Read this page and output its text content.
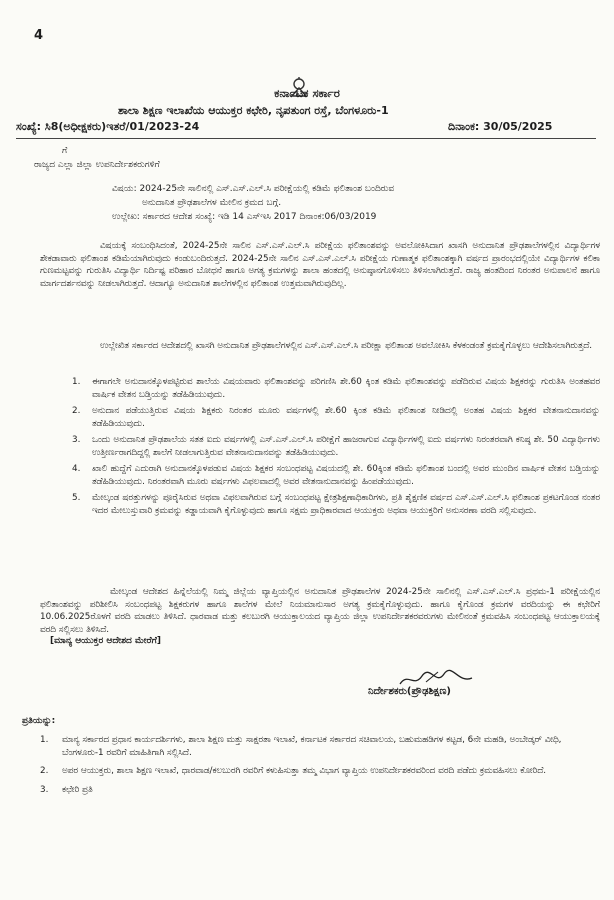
4
ಕರ್ನಾಟಕ ಸರ್ಕಾರ
ಶಾಲಾ ಶಿಕ್ಷಣ ಇಲಾಖೆಯ ಆಯುಕ್ತರ ಕಛೇರಿ, ನೃಪತುಂಗ ರಸ್ತೆ, ಬೆಂಗಳೂರು-1
ಸಂಖ್ಯೆ: ಸಿ8(ಅಧೀಕ್ಷಕರು)ಇತರೆ/01/2023-24	ದಿನಾಂಕ: 30/05/2025
ಗೆ
ರಾಜ್ಯದ ಎಲ್ಲಾ ಜಿಲ್ಲಾ ಉಪನಿರ್ದೇಶಕರುಗಳಿಗೆ
ವಿಷಯ: 2024-25ನೇ ಸಾಲಿನಲ್ಲಿ ಎಸ್.ಎಸ್.ಎಲ್.ಸಿ ಪರೀಕ್ಷೆಯಲ್ಲಿ ಕಡಿಮೆ ಫಲಿತಾಂಶ ಬಂದಿರುವ
ಅನುದಾನಿತ ಪ್ರೌಢಶಾಲೆಗಳ ಮೇಲಿನ ಕ್ರಮದ ಬಗ್ಗೆ.
ಉಲ್ಲೇಖ: ಸರ್ಕಾರದ ಆದೇಶ ಸಂಖ್ಯೆ: ಇಡಿ 14 ಎಸ್‌ಇಸಿ 2017 ದಿನಾಂಕ:06/03/2019
ವಿಷಯಕ್ಕೆ ಸಂಬಂಧಿಸಿದಂತೆ, 2024-25ನೇ ಸಾಲಿನ ಎಸ್.ಎಸ್.ಎಲ್.ಸಿ ಪರೀಕ್ಷೆಯ ಫಲಿತಾಂಶವನ್ನು ಅವಲೋಕಿಸಿದಾಗ ಖಾಸಗಿ ಅನುದಾನಿತ ಪ್ರೌಢಶಾಲೆಗಳಲ್ಲಿನ ವಿದ್ಯಾರ್ಥಿಗಳ ಶೇಕಡಾವಾರು ಫಲಿತಾಂಶ ಕಡಿಮೆಯಾಗಿರುವುದು ಕಂಡುಬಂದಿರುತ್ತದೆ. 2024-25ನೇ ಸಾಲಿನ ಎಸ್.ಎಸ್.ಎಲ್.ಸಿ ಪರೀಕ್ಷೆಯ ಗುಣಾತ್ಮಕ ಫಲಿತಾಂಶಕ್ಕಾಗಿ ವರ್ಷದ ಪ್ರಾರಂಭದಲ್ಲಿಯೇ ವಿದ್ಯಾರ್ಥಿಗಳ ಕಲಿಕಾ ಗುಣಮಟ್ಟವನ್ನು ಗುರುತಿಸಿ ವಿದ್ಯಾರ್ಥಿ ನಿರ್ದಿಷ್ಟ ಪರಿಹಾರ ಬೋಧನೆ ಹಾಗೂ ಅಗತ್ಯ ಕ್ರಮಗಳನ್ನು ಶಾಲಾ ಹಂತದಲ್ಲಿ ಅನುಷ್ಠಾನಗೊಳಿಸಲು ತಿಳಿಸಲಾಗಿರುತ್ತದೆ. ರಾಜ್ಯ ಹಂತದಿಂದ ನಿರಂತರ ಅನುಪಾಲನೆ ಹಾಗೂ ಮಾರ್ಗದರ್ಶನವನ್ನು ನೀಡಲಾಗಿರುತ್ತದೆ. ಆದಾಗ್ಯೂ ಅನುದಾನಿತ ಶಾಲೆಗಳಲ್ಲಿನ ಫಲಿತಾಂಶ ಉತ್ತಮವಾಗಿರುವುದಿಲ್ಲ.
ಉಲ್ಲೇಖಿತ ಸರ್ಕಾರದ ಆದೇಶದಲ್ಲಿ ಖಾಸಗಿ ಅನುದಾನಿತ ಪ್ರೌಢಶಾಲೆಗಳಲ್ಲಿನ ಎಸ್.ಎಸ್.ಎಲ್.ಸಿ ಪರೀಕ್ಷಾ ಫಲಿತಾಂಶ ಅವಲೋಕಿಸಿ ಕೆಳಕಂಡಂತೆ ಕ್ರಮಕೈಗೊಳ್ಳಲು ಆದೇಶಿಸಲಾಗಿರುತ್ತದೆ.
1. ಈಗಾಗಲೇ ಅನುದಾನಕ್ಕೊಳಪಟ್ಟಿರುವ ಶಾಲೆಯ ವಿಷಯವಾರು ಫಲಿತಾಂಶವನ್ನು ಪರಿಗಣಿಸಿ ಶೇ.60 ಕ್ಕಿಂತ ಕಡಿಮೆ ಫಲಿತಾಂಶವನ್ನು ಪಡೆದಿರುವ ವಿಷಯ ಶಿಕ್ಷಕರನ್ನು ಗುರುತಿಸಿ ಅಂತಹವರ ವಾರ್ಷಿಕ ವೇತನ ಬಡ್ತಿಯನ್ನು ತಡೆಹಿಡಿಯುವುದು.
2. ಅನುದಾನ ಪಡೆಯುತ್ತಿರುವ ವಿಷಯ ಶಿಕ್ಷಕರು ನಿರಂತರ ಮೂರು ವರ್ಷಗಳಲ್ಲಿ ಶೇ.60 ಕ್ಕಿಂತ ಕಡಿಮೆ ಫಲಿತಾಂಶ ನೀಡಿದಲ್ಲಿ ಅಂತಹ ವಿಷಯ ಶಿಕ್ಷಕರ ವೇತನಾನುದಾನವನ್ನು ತಡೆಹಿಡಿಯುವುದು.
3. ಒಂದು ಅನುದಾನಿತ ಪ್ರೌಢಶಾಲೆಯ ಸತತ ಐದು ವರ್ಷಗಳಲ್ಲಿ ಎಸ್.ಎಸ್.ಎಲ್.ಸಿ ಪರೀಕ್ಷೆಗೆ ಹಾಜರಾಗುವ ವಿದ್ಯಾರ್ಥಿಗಳಲ್ಲಿ ಐದು ವರ್ಷಗಳು ನಿರಂತರವಾಗಿ ಕನಿಷ್ಠ ಶೇ. 50 ವಿದ್ಯಾರ್ಥಿಗಳು ಉತ್ತೀರ್ಣರಾಗದಿದ್ದಲ್ಲಿ ಶಾಲೆಗೆ ನೀಡಲಾಗುತ್ತಿರುವ ವೇತನಾನುದಾನವನ್ನು ತಡೆಹಿಡಿಯುವುದು.
4. ಖಾಲಿ ಹುದ್ದೆಗೆ ಎದುರಾಗಿ ಅನುದಾನಕ್ಕೊಳಪಡುವ ವಿಷಯ ಶಿಕ್ಷಕರ ಸಂಬಂಧಪಟ್ಟ ವಿಷಯದಲ್ಲಿ ಶೇ. 60ಕ್ಕಿಂತ ಕಡಿಮೆ ಫಲಿತಾಂಶ ಬಂದಲ್ಲಿ ಅವರ ಮುಂದಿನ ವಾರ್ಷಿಕ ವೇತನ ಬಡ್ತಿಯನ್ನು ತಡೆಹಿಡಿಯುವುದು. ನಿರಂತರವಾಗಿ ಮೂರು ವರ್ಷಗಳು ವಿಫಲವಾದಲ್ಲಿ ಅವರ ವೇತನಾನುದಾನವನ್ನು ಹಿಂಪಡೆಯುವುದು.
5. ಮೇಲ್ಕಂಡ ಷರತ್ತುಗಳನ್ನು ಪೂರೈಸಿರುವ ಅಥವಾ ವಿಫಲವಾಗಿರುವ ಬಗ್ಗೆ ಸಂಬಂಧಪಟ್ಟ ಕ್ಷೇತ್ರಶಿಕ್ಷಣಾಧಿಕಾರಿಗಳು, ಪ್ರತಿ ಶೈಕ್ಷಣಿಕ ವರ್ಷದ ಎಸ್.ಎಸ್.ಎಲ್.ಸಿ ಫಲಿತಾಂಶ ಪ್ರಕಟಗೊಂಡ ನಂತರ ಇದರ ಮೇಲುಸ್ತುವಾರಿ ಕ್ರಮವನ್ನು ಕಡ್ಡಾಯವಾಗಿ ಕೈಗೊಳ್ಳುವುದು ಹಾಗೂ ಸಕ್ಷಮ ಪ್ರಾಧಿಕಾರವಾದ ಆಯುಕ್ತರು ಅಥವಾ ಆಯುಕ್ತರಿಗೆ ಅನುಸರಣಾ ವರದಿ ಸಲ್ಲಿಸುವುದು.
ಮೇಲ್ಕಂಡ ಆದೇಶದ ಹಿನ್ನೆಲೆಯಲ್ಲಿ ನಿಮ್ಮ ಜಿಲ್ಲೆಯ ವ್ಯಾಪ್ತಿಯಲ್ಲಿನ ಅನುದಾನಿತ ಪ್ರೌಢಶಾಲೆಗಳ 2024-25ನೇ ಸಾಲಿನಲ್ಲಿ ಎಸ್.ಎಸ್.ಎಲ್.ಸಿ ಪ್ರಥಮ-1 ಪರೀಕ್ಷೆಯಲ್ಲಿನ ಫಲಿತಾಂಶವನ್ನು ಪರಿಶೀಲಿಸಿ ಸಂಬಂಧಪಟ್ಟ ಶಿಕ್ಷಕರುಗಳ ಹಾಗೂ ಶಾಲೆಗಳ ಮೇಲೆ ನಿಯಮಾನುಸಾರ ಅಗತ್ಯ ಕ್ರಮಕೈಗೊಳ್ಳುವುದು. ಹಾಗೂ ಕೈಗೊಂಡ ಕ್ರಮಗಳ ವರದಿಯನ್ನು ಈ ಕಛೇರಿಗೆ 10.06.2025ರೊಳಗೆ ವರದಿ ಮಾಡಲು ತಿಳಿಸಿದೆ. ಧಾರವಾಡ ಮತ್ತು ಕಲಬುರಗಿ ಆಯುಕ್ತಾಲಯದ ವ್ಯಾಪ್ತಿಯ ಜಿಲ್ಲಾ ಉಪನಿರ್ದೇಶಕರವರುಗಳು ಮೇಲಿನಂತೆ ಕ್ರಮವಹಿಸಿ ಸಂಬಂಧಪಟ್ಟ ಆಯುಕ್ತಾಲಯಕ್ಕೆ ವರದಿ ಸಲ್ಲಿಸಲು ತಿಳಿಸಿದೆ.
[ಮಾನ್ಯ ಆಯುಕ್ತರ ಆದೇಶದ ಮೇರೆಗೆ]
ನಿರ್ದೇಶಕರು(ಪ್ರೌಢಶಿಕ್ಷಣ)
ಪ್ರತಿಯನ್ನು:
1. ಮಾನ್ಯ ಸರ್ಕಾರದ ಪ್ರಧಾನ ಕಾರ್ಯದರ್ಶಿಗಳು, ಶಾಲಾ ಶಿಕ್ಷಣ ಮತ್ತು ಸಾಕ್ಷರತಾ ಇಲಾಖೆ, ಕರ್ನಾಟಕ ಸರ್ಕಾರದ ಸಚಿವಾಲಯ, ಬಹುಮಹಡಿಗಳ ಕಟ್ಟಡ, 6ನೇ ಮಹಡಿ, ಅಂಬೇಡ್ಕರ್ ವೀಧಿ, ಬೆಂಗಳೂರು-1 ರವರಿಗೆ ಮಾಹಿತಿಗಾಗಿ ಸಲ್ಲಿಸಿದೆ.
2. ಅಪರ ಆಯುಕ್ತರು, ಶಾಲಾ ಶಿಕ್ಷಣ ಇಲಾಖೆ, ಧಾರವಾಡ/ಕಲಬುರಗಿ ರವರಿಗೆ ಕಳುಹಿಸುತ್ತಾ ತಮ್ಮ ವಿಭಾಗ ವ್ಯಾಪ್ತಿಯ ಉಪನಿರ್ದೇಶಕರವರಿಂದ ವರದಿ ಪಡೆದು ಕ್ರಮವಹಿಸಲು ಕೋರಿದೆ.
3. ಕಛೇರಿ ಪ್ರತಿ
